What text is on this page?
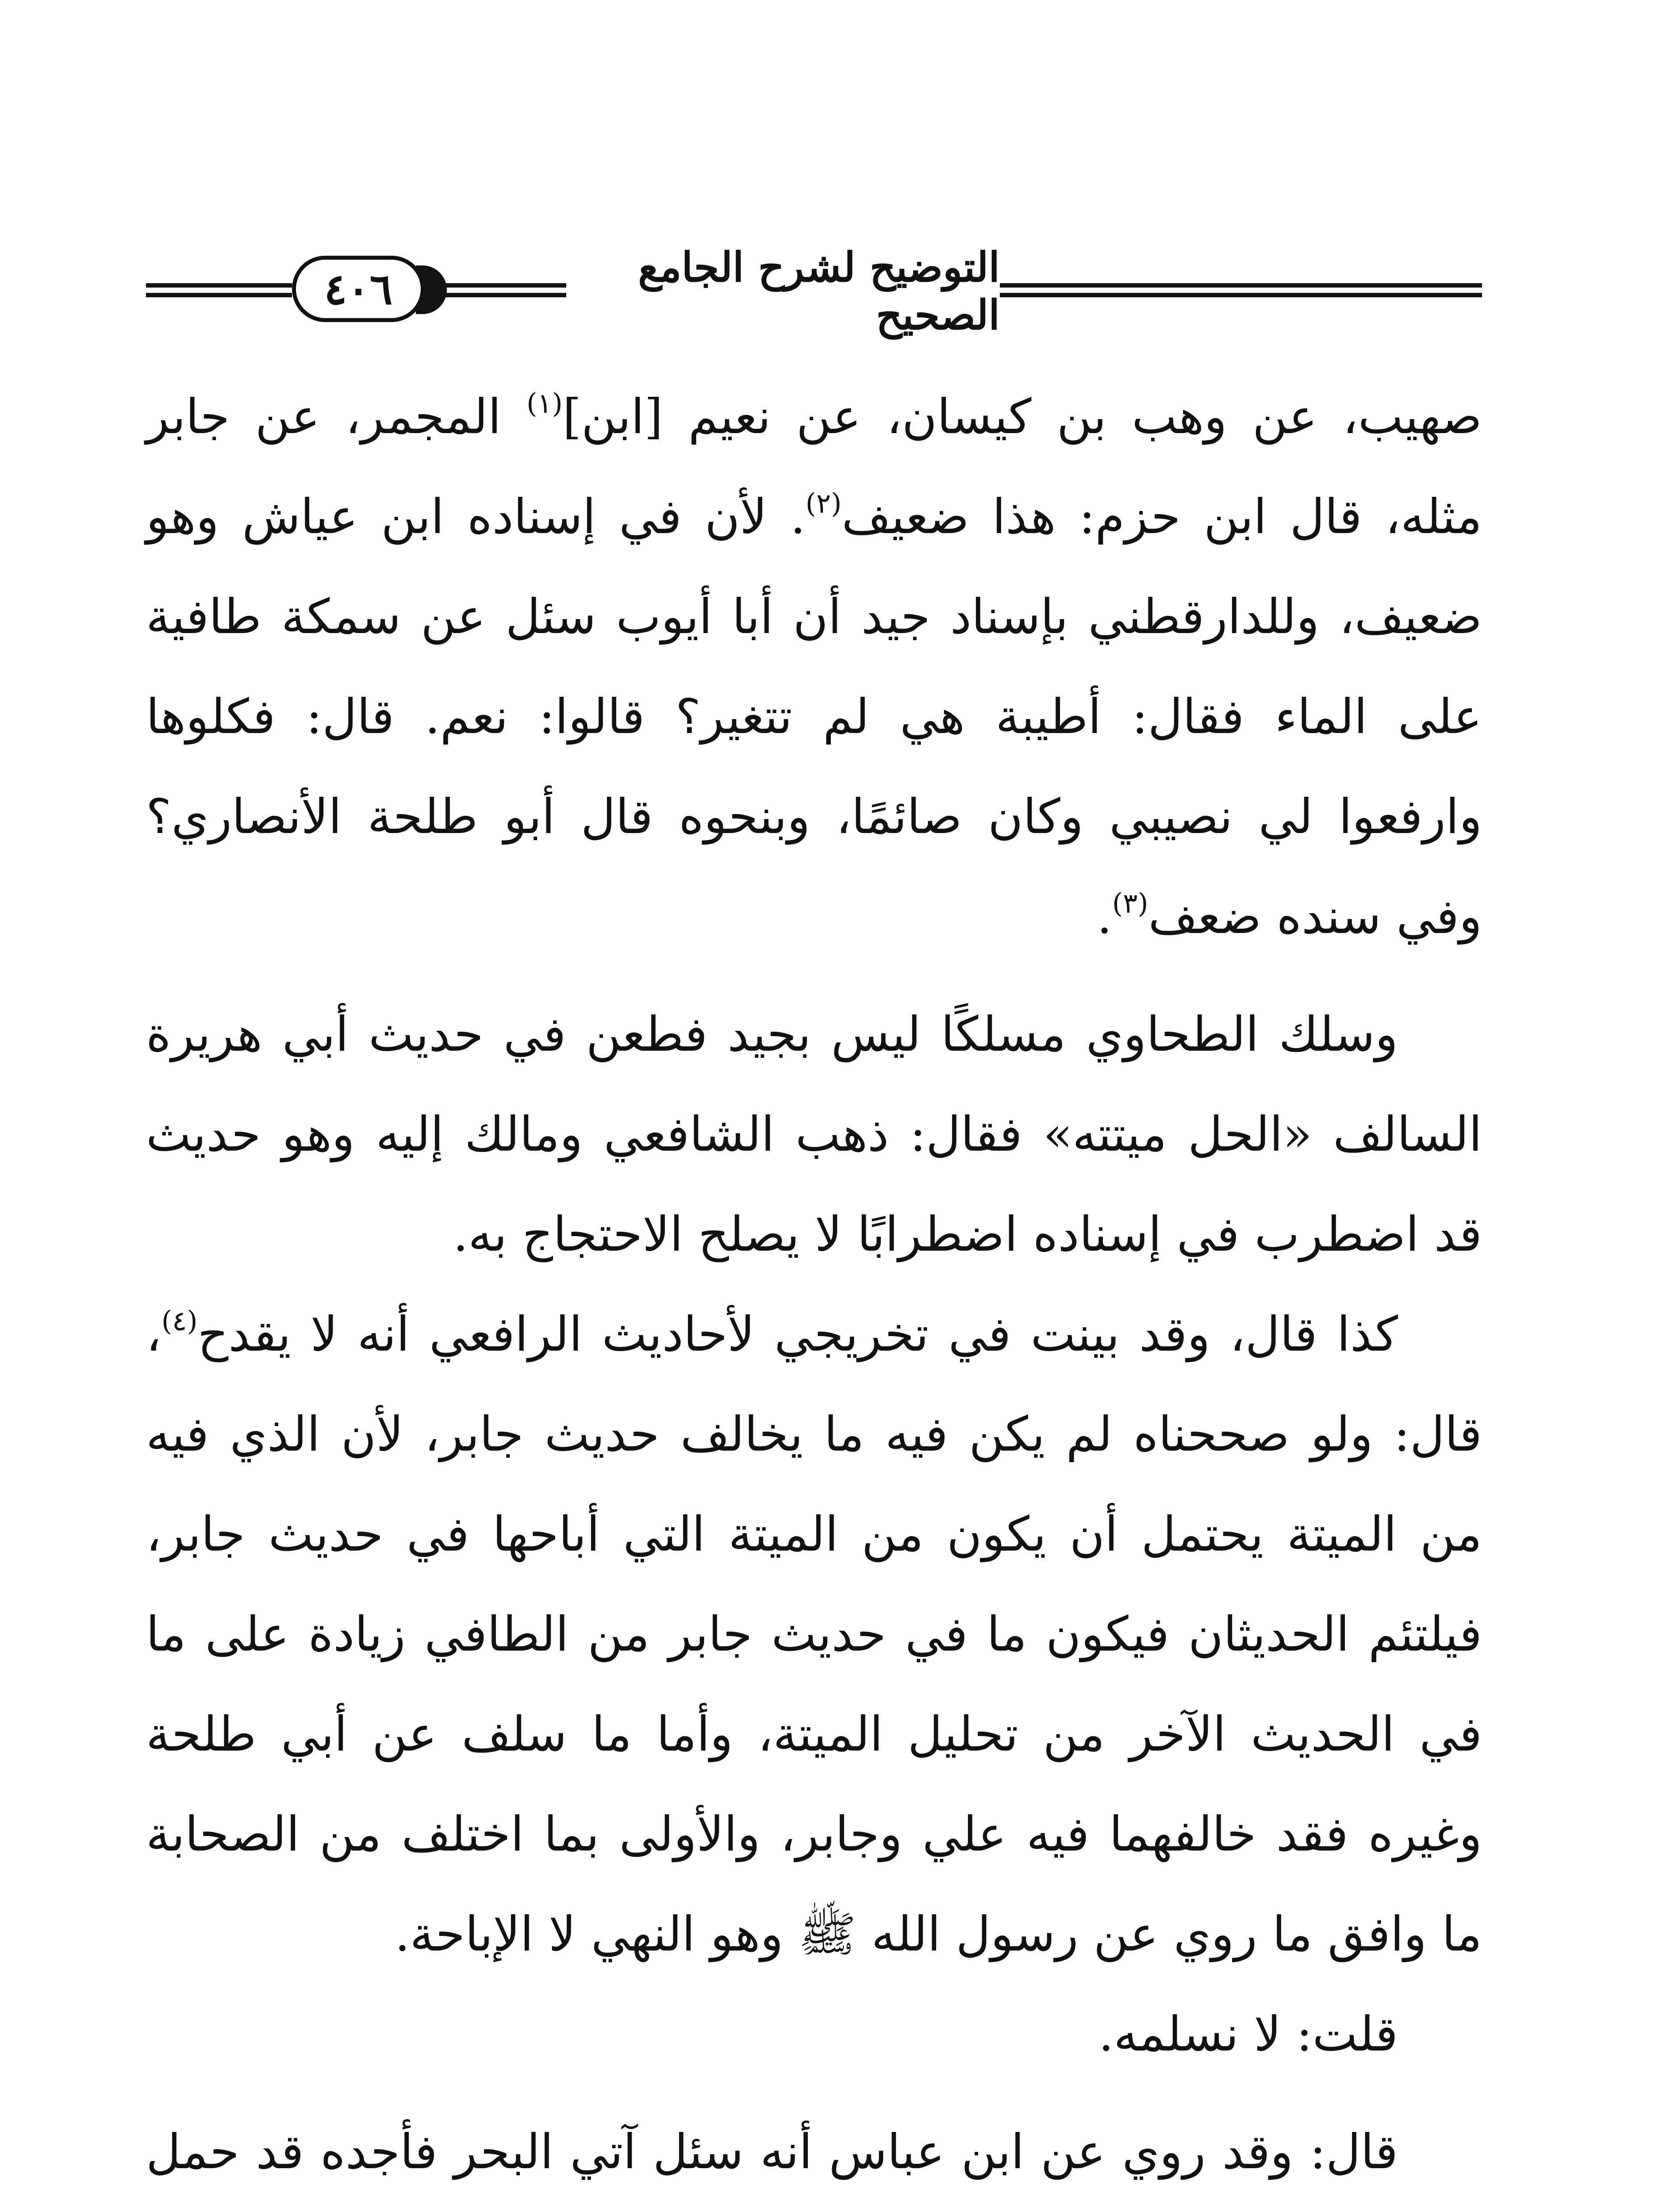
٤٠٦	التوضيح لشرح الجامع الصحيح

صهيب، عن وهب بن كيسان، عن نعيم [ابن]$^{(١)}$ المجمر، عن جابر مثله، قال ابن حزم: هذا ضعيف$^{(٢)}$. لأن في إسناده ابن عياش وهو ضعيف، وللدارقطني بإسناد جيد أن أبا أيوب سئل عن سمكة طافية على الماء فقال: أطيبة هي لم تتغير؟ قالوا: نعم. قال: فكلوها وارفعوا لي نصيبي وكان صائمًا، وبنحوه قال أبو طلحة الأنصاري؟ وفي سنده ضعف$^{(٣)}$.

وسلك الطحاوي مسلكًا ليس بجيد فطعن في حديث أبي هريرة السالف «الحل ميتته» فقال: ذهب الشافعي ومالك إليه وهو حديث قد اضطرب في إسناده اضطرابًا لا يصلح الاحتجاج به.

كذا قال، وقد بينت في تخريجي لأحاديث الرافعي أنه لا يقدح$^{(٤)}$، قال: ولو صححناه لم يكن فيه ما يخالف حديث جابر، لأن الذي فيه من الميتة يحتمل أن يكون من الميتة التي أباحها في حديث جابر، فيلتئم الحديثان فيكون ما في حديث جابر من الطافي زيادة على ما في الحديث الآخر من تحليل الميتة، وأما ما سلف عن أبي طلحة وغيره فقد خالفهما فيه علي وجابر، والأولى بما اختلف من الصحابة ما وافق ما روي عن رسول الله ﷺ وهو النهي لا الإباحة.

قلت: لا نسلمه.

قال: وقد روي عن ابن عباس أنه سئل آتي البحر فأجده قد حمل
